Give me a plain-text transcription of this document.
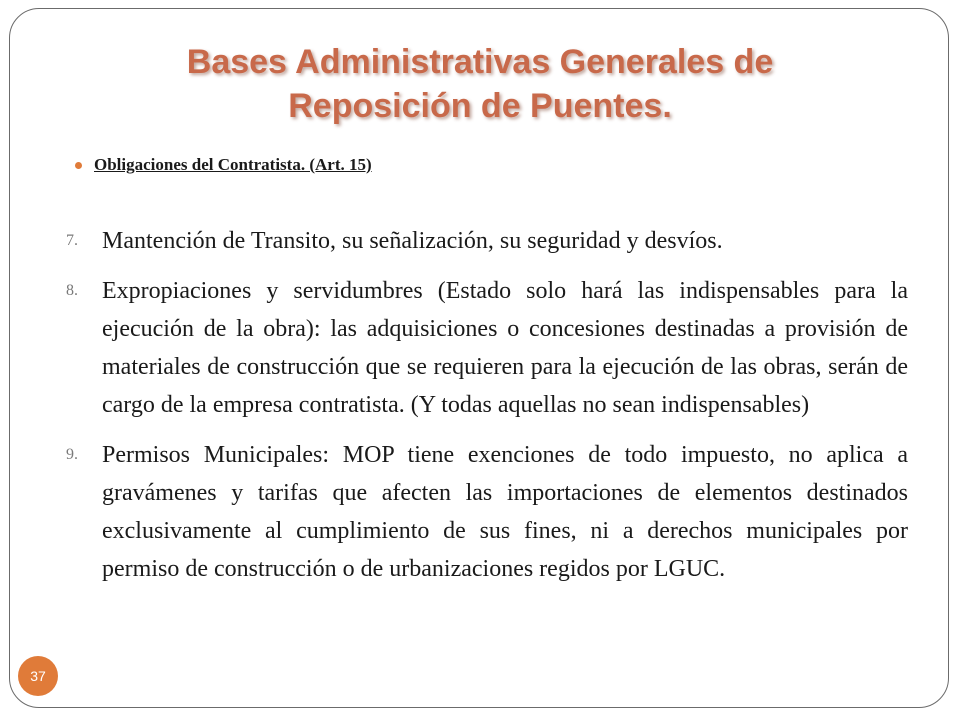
Bases Administrativas Generales de
Reposición de Puentes.
Obligaciones del Contratista. (Art. 15)
7.	Mantención de Transito, su señalización, su seguridad y desvíos.
8.	Expropiaciones y servidumbres (Estado solo hará las indispensables para la ejecución de la obra): las adquisiciones o concesiones destinadas a provisión de materiales de construcción que se requieren para la ejecución de las obras, serán de cargo de la empresa contratista. (Y todas aquellas no sean indispensables)
9.	Permisos Municipales: MOP tiene exenciones de todo impuesto, no aplica a gravámenes y tarifas que afecten las importaciones de elementos destinados exclusivamente al cumplimiento de sus fines, ni a derechos municipales por permiso de construcción o de urbanizaciones regidos por LGUC.
37
